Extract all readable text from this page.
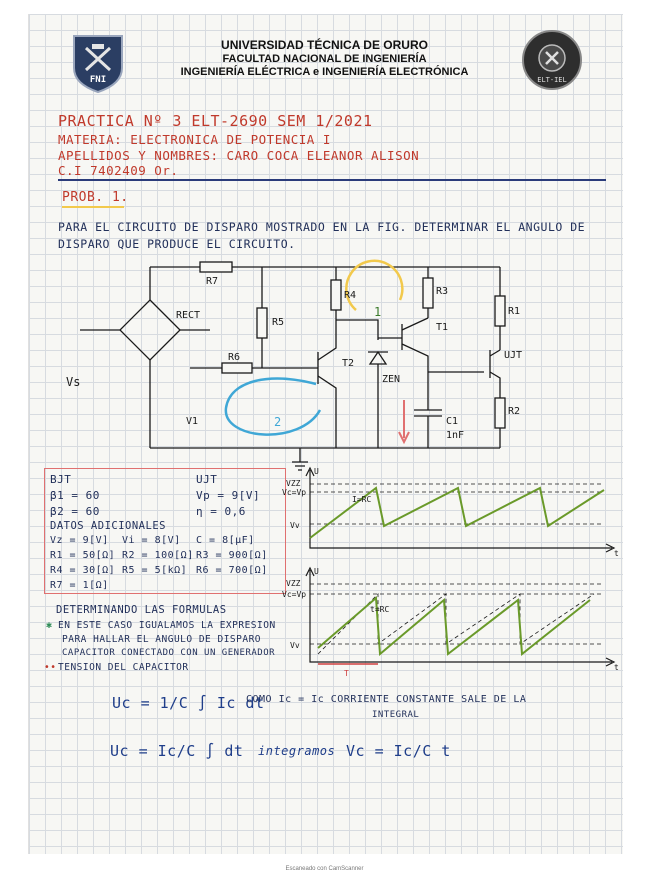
UNIVERSIDAD TÉCNICA DE ORURO
FACULTAD NACIONAL DE INGENIERÍA
INGENIERÍA ELÉCTRICA e INGENIERÍA ELECTRÓNICA
FNI	ELT-IEL
PRACTICA Nº 3 ELT-2690 SEM 1/2021
MATERIA: ELECTRONICA DE POTENCIA I
APELLIDOS Y NOMBRES: CARO COCA ELEANOR ALISON
C.I 7402409 Or.
PROB. 1.
PARA EL CIRCUITO DE DISPARO MOSTRADO EN LA FIG. DETERMINAR EL ANGULO DE
DISPARO QUE PRODUCE EL CIRCUITO.
R7
RECT
R5
R6
Vs
V1
R4	R3
T1
R1
T2
ZEN
UJT
R2
C1
1nF
1
2
BJT
β1 = 60
β2 = 60
UJT
Vp = 9[V]
η = 0,6
DATOS ADICIONALES
Vz = 9[V] Vi = 8[V] C = 8[μF]
R1 = 50[Ω] R2 = 100[Ω] R3 = 900[Ω]
R4 = 30[Ω] R5 = 5[kΩ] R6 = 700[Ω]
R7 = 1[Ω]
U
VZZ
Vc=Vp
Vv
I=RC
t
U
VZZ
Vc=Vp
Vv
t=RC
T
t
DETERMINANDO LAS FORMULAS
✱ EN ESTE CASO IGUALAMOS LA EXPRESION
PARA HALLAR EL ANGULO DE DISPARO
CAPACITOR CONECTADO CON UN GENERADOR
•• TENSION DEL CAPACITOR
Uc = 1/C ∫ Ic dt
COMO Ic = Ic CORRIENTE CONSTANTE SALE DE LA
INTEGRAL
Uc = Ic/C ∫ dt integramos Vc = Ic/C t
Escaneado con CamScanner
